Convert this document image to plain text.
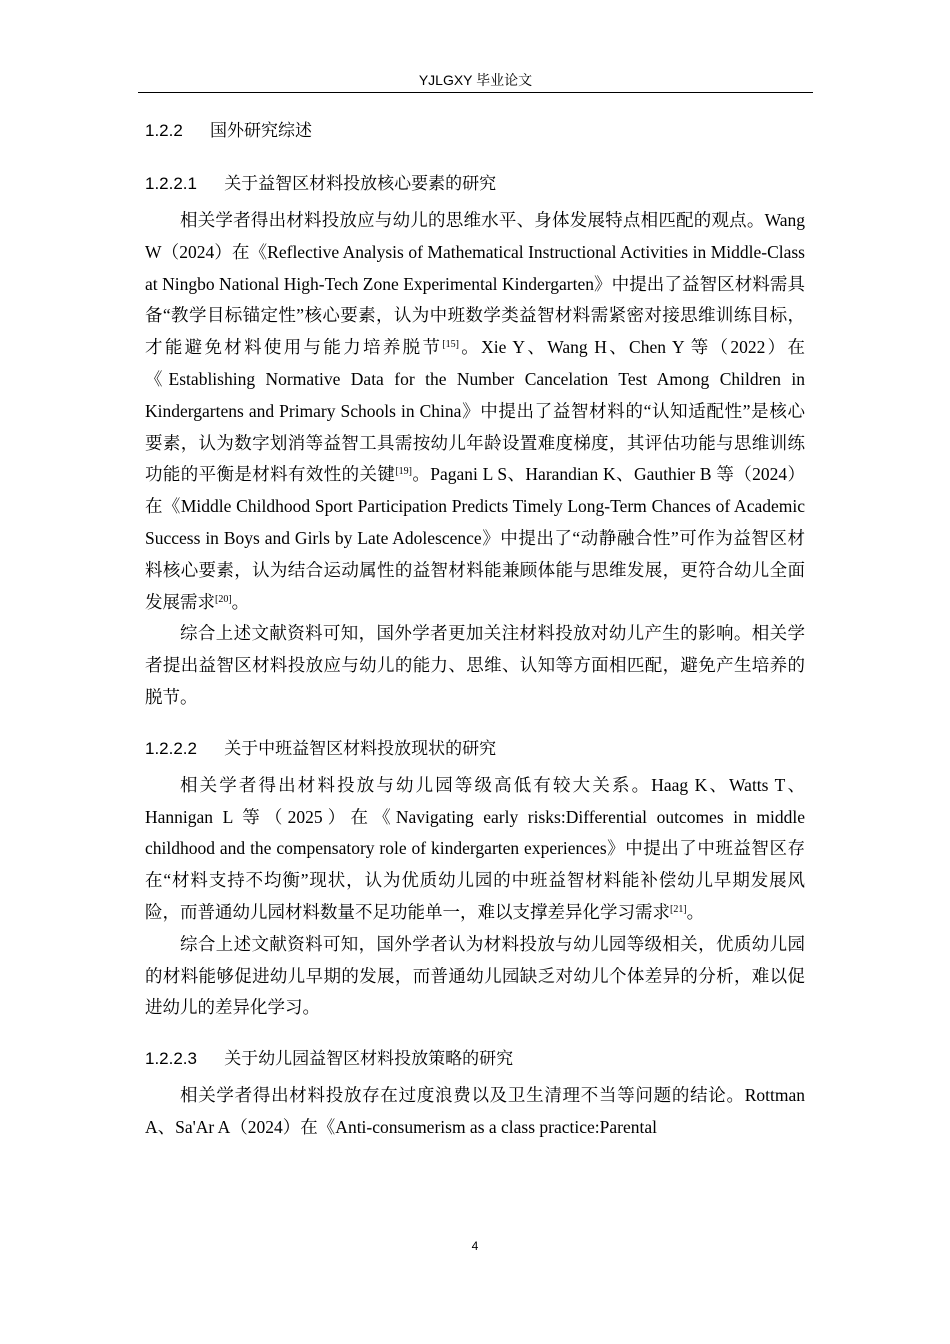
YJLGXY 毕业论文
1.2.2 国外研究综述
1.2.2.1 关于益智区材料投放核心要素的研究

相关学者得出材料投放应与幼儿的思维水平、身体发展特点相匹配的观点。Wang W（2024）在《Reflective Analysis of Mathematical Instructional Activities in Middle-Class at Ningbo National High-Tech Zone Experimental Kindergarten》中提出了益智区材料需具备“教学目标锚定性”核心要素，认为中班数学类益智材料需紧密对接思维训练目标，才能避免材料使用与能力培养脱节[15]。Xie Y、Wang H、Chen Y 等（2022）在《Establishing Normative Data for the Number Cancelation Test Among Children in Kindergartens and Primary Schools in China》中提出了益智材料的“认知适配性”是核心要素，认为数字划消等益智工具需按幼儿年龄设置难度梯度，其评估功能与思维训练功能的平衡是材料有效性的关键[19]。Pagani L S、Harandian K、Gauthier B 等（2024）在《Middle Childhood Sport Participation Predicts Timely Long-Term Chances of Academic Success in Boys and Girls by Late Adolescence》中提出了“动静融合性”可作为益智区材料核心要素，认为结合运动属性的益智材料能兼顾体能与思维发展，更符合幼儿全面发展需求[20]。

综合上述文献资料可知，国外学者更加关注材料投放对幼儿产生的影响。相关学者提出益智区材料投放应与幼儿的能力、思维、认知等方面相匹配，避免产生培养的脱节。

1.2.2.2 关于中班益智区材料投放现状的研究

相关学者得出材料投放与幼儿园等级高低有较大关系。Haag K、Watts T、Hannigan L 等（2025）在《Navigating early risks:Differential outcomes in middle childhood and the compensatory role of kindergarten experiences》中提出了中班益智区存在“材料支持不均衡”现状，认为优质幼儿园的中班益智材料能补偿幼儿早期发展风险，而普通幼儿园材料数量不足功能单一，难以支撑差异化学习需求[21]。

综合上述文献资料可知，国外学者认为材料投放与幼儿园等级相关，优质幼儿园的材料能够促进幼儿早期的发展，而普通幼儿园缺乏对幼儿个体差异的分析，难以促进幼儿的差异化学习。

1.2.2.3 关于幼儿园益智区材料投放策略的研究

相关学者得出材料投放存在过度浪费以及卫生清理不当等问题的结论。Rottman A、Sa'Ar A（2024）在《Anti-consumerism as a class practice:Parental

4
